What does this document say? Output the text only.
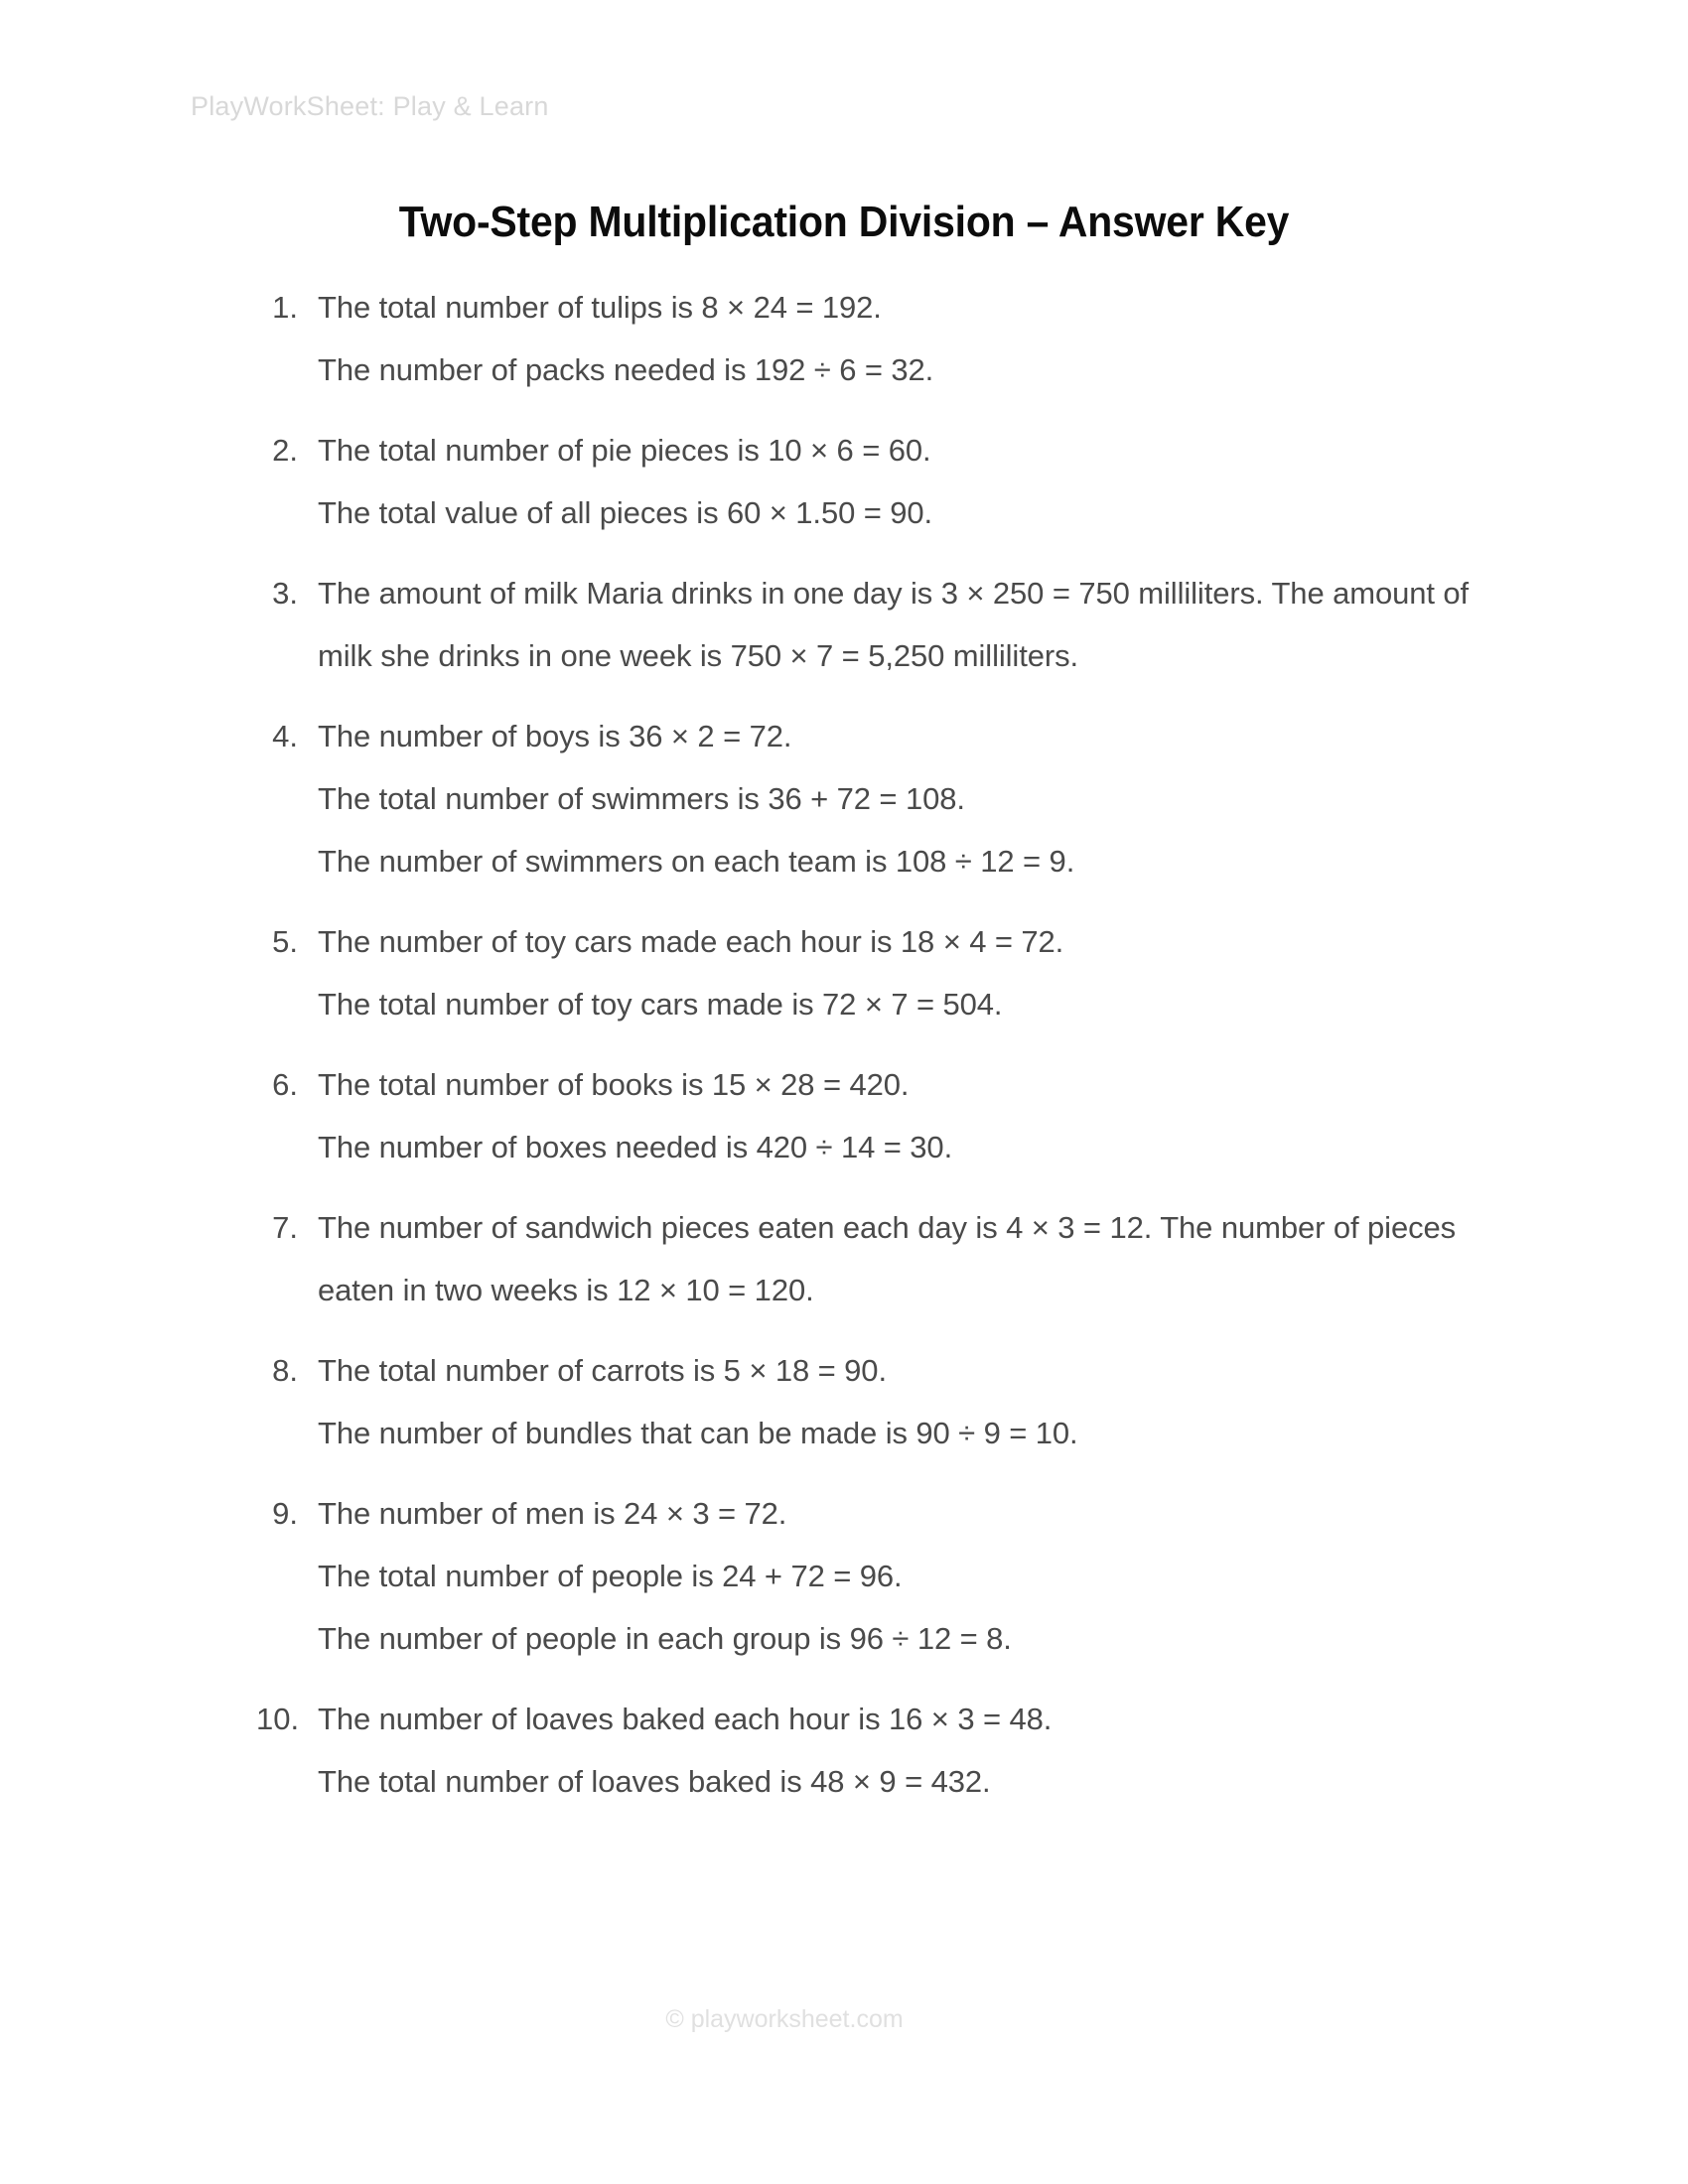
PlayWorkSheet: Play & Learn
Two-Step Multiplication Division – Answer Key
1. The total number of tulips is 8 × 24 = 192.
The number of packs needed is 192 ÷ 6 = 32.
2. The total number of pie pieces is 10 × 6 = 60.
The total value of all pieces is 60 × 1.50 = 90.
3. The amount of milk Maria drinks in one day is 3 × 250 = 750 milliliters. The amount of milk she drinks in one week is 750 × 7 = 5,250 milliliters.
4. The number of boys is 36 × 2 = 72.
The total number of swimmers is 36 + 72 = 108.
The number of swimmers on each team is 108 ÷ 12 = 9.
5. The number of toy cars made each hour is 18 × 4 = 72.
The total number of toy cars made is 72 × 7 = 504.
6. The total number of books is 15 × 28 = 420.
The number of boxes needed is 420 ÷ 14 = 30.
7. The number of sandwich pieces eaten each day is 4 × 3 = 12. The number of pieces eaten in two weeks is 12 × 10 = 120.
8. The total number of carrots is 5 × 18 = 90.
The number of bundles that can be made is 90 ÷ 9 = 10.
9. The number of men is 24 × 3 = 72.
The total number of people is 24 + 72 = 96.
The number of people in each group is 96 ÷ 12 = 8.
10. The number of loaves baked each hour is 16 × 3 = 48.
The total number of loaves baked is 48 × 9 = 432.
© playworksheet.com
